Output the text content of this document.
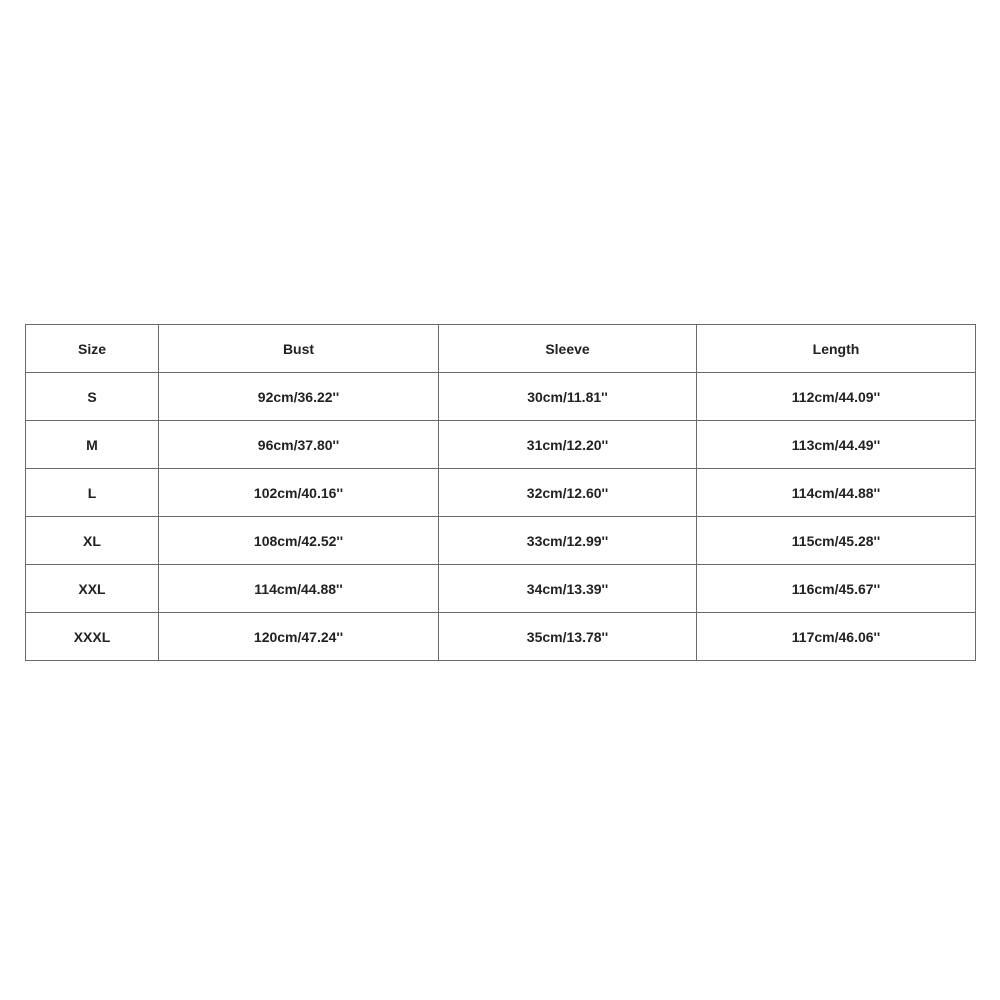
Size	Bust	Sleeve	Length
S	92cm/36.22''	30cm/11.81''	112cm/44.09''
M	96cm/37.80''	31cm/12.20''	113cm/44.49''
L	102cm/40.16''	32cm/12.60''	114cm/44.88''
XL	108cm/42.52''	33cm/12.99''	115cm/45.28''
XXL	114cm/44.88''	34cm/13.39''	116cm/45.67''
XXXL	120cm/47.24''	35cm/13.78''	117cm/46.06''
